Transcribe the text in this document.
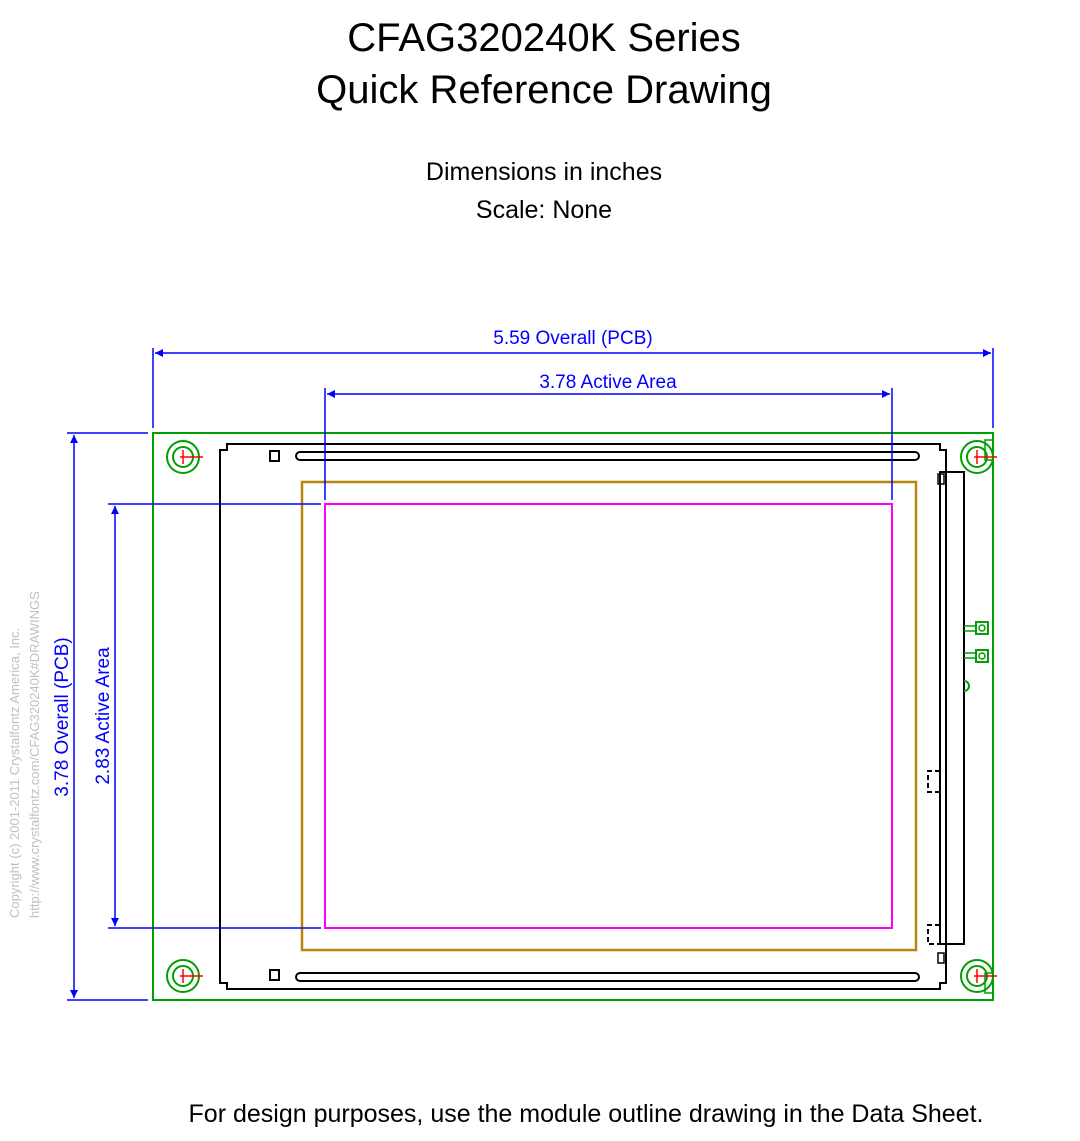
CFAG320240K Series
Quick Reference Drawing
Dimensions in inches
Scale: None
Copyright (c) 2001-2011 Crystalfontz America, Inc. http://www.crystalfontz.com/CFAG320240K#DRAWINGS
5.59 Overall (PCB)
3.78 Active Area
3.78 Overall (PCB) 2.83 Active Area
For design purposes, use the module outline drawing in the Data Sheet.
